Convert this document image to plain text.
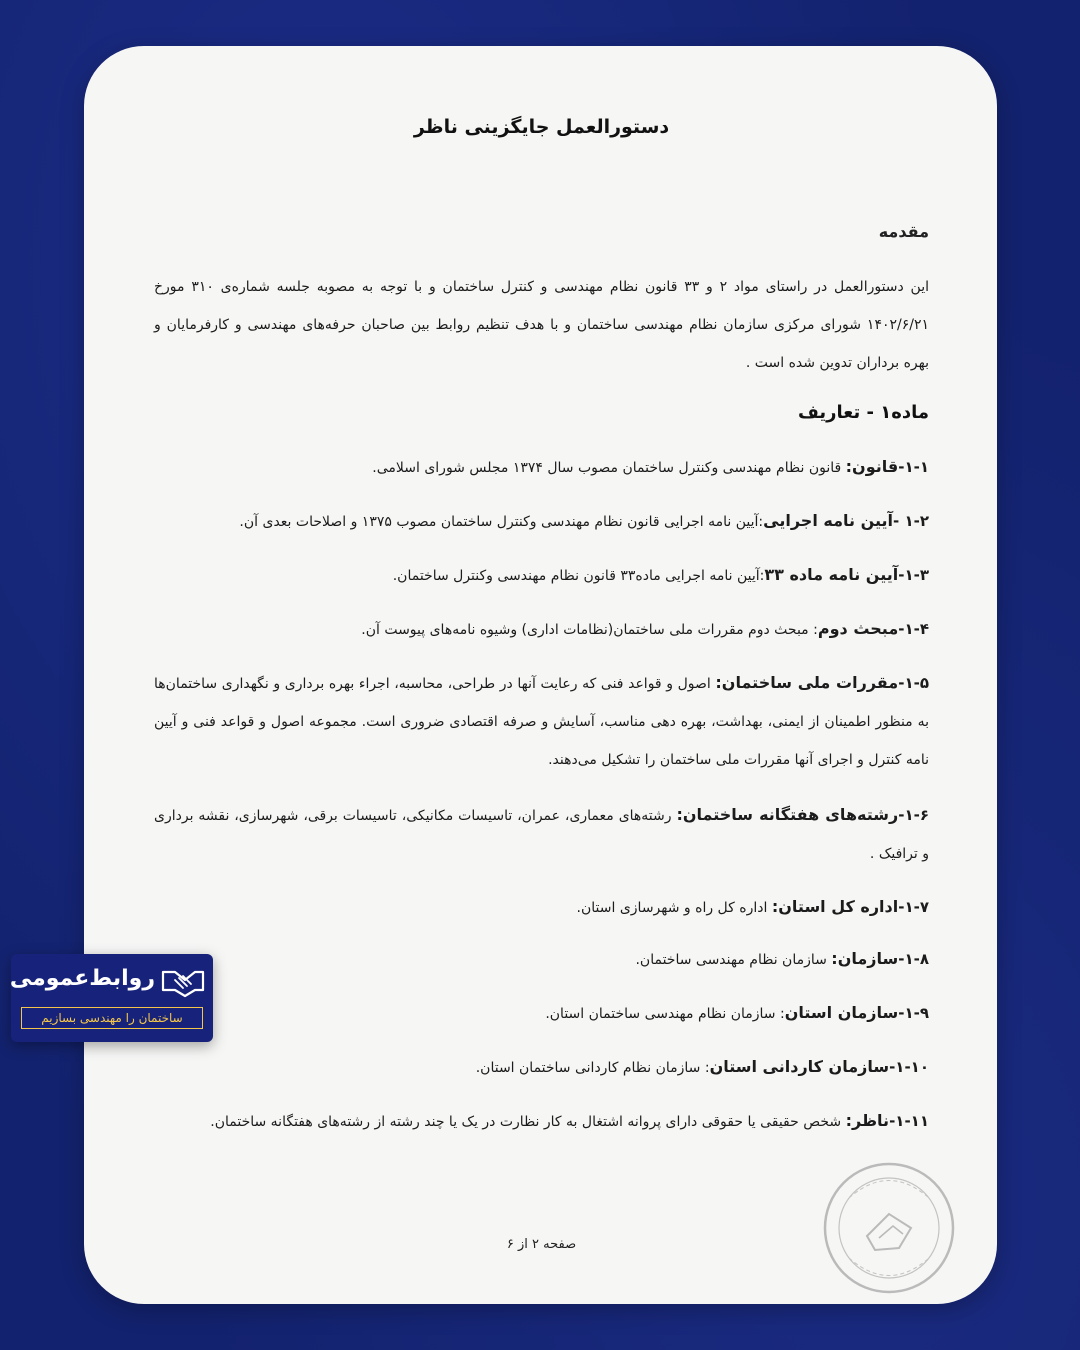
دستورالعمل جایگزینی ناظر
مقدمه
این دستورالعمل در راستای مواد ۲ و ۳۳ قانون نظام مهندسی و کنترل ساختمان و با توجه به مصوبه جلسه شماره‌ی ۳۱۰ مورخ ۱۴۰۲/۶/۲۱ شورای مرکزی سازمان نظام مهندسی ساختمان و با هدف تنظیم روابط بین صاحبان حرفه‌های مهندسی و کارفرمایان و بهره برداران تدوین شده است .
ماده۱ - تعاریف
۱-۱-قانون: قانون نظام مهندسی وکنترل ساختمان مصوب سال ۱۳۷۴ مجلس شورای اسلامی.
۱-۲ -آیین نامه اجرایی:آیین نامه اجرایی قانون نظام مهندسی وکنترل ساختمان مصوب ۱۳۷۵ و اصلاحات بعدی آن.
۱-۳-آیین نامه ماده ۳۳:آیین نامه اجرایی ماده۳۳ قانون نظام مهندسی وکنترل ساختمان.
۱-۴-مبحث دوم: مبحث دوم مقررات ملی ساختمان(نظامات اداری) وشیوه نامه‌های پیوست آن.
۱-۵-مقررات ملی ساختمان: اصول و قواعد فنی که رعایت آنها در طراحی، محاسبه، اجراء بهره برداری و نگهداری ساختمان‌ها به منظور اطمینان از ایمنی، بهداشت، بهره دهی مناسب، آسایش و صرفه اقتصادی ضروری است. مجموعه اصول و قواعد فنی و آیین نامه کنترل و اجرای آنها مقررات ملی ساختمان را تشکیل می‌دهند.
۱-۶-رشته‌های هفتگانه ساختمان: رشته‌های معماری، عمران، تاسیسات مکانیکی، تاسیسات برقی، شهرسازی، نقشه برداری و ترافیک .
۱-۷-اداره کل استان: اداره کل راه و شهرسازی استان.
۱-۸-سازمان: سازمان نظام مهندسی ساختمان.
۱-۹-سازمان استان: سازمان نظام مهندسی ساختمان استان.
۱-۱۰-سازمان کاردانی استان: سازمان نظام کاردانی ساختمان استان.
۱-۱۱-ناظر: شخص حقیقی یا حقوقی دارای پروانه اشتغال به کار نظارت در یک یا چند رشته از رشته‌های هفتگانه ساختمان.
صفحه ۲ از ۶
روابط‌عمومی
ساختمان را مهندسی بسازیم
